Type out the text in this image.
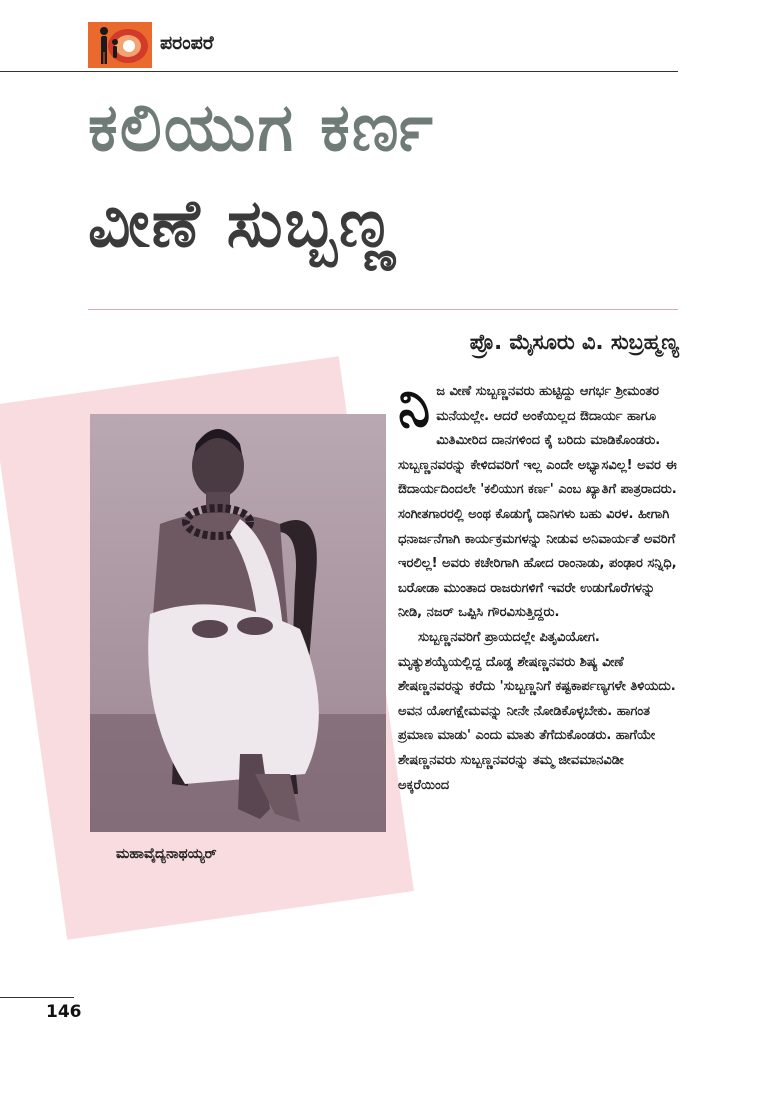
ಪರಂಪರೆ
ಕಲಿಯುಗ ಕರ್ಣ
ವೀಣೆ ಸುಬ್ಬಣ್ಣ
ಪ್ರೊ. ಮೈಸೂರು ವಿ. ಸುಬ್ರಹ್ಮಣ್ಯ
ಮಹಾವೈದ್ಯನಾಥಯ್ಯರ್

ನಿಜ ವೀಣೆ ಸುಬ್ಬಣ್ಣನವರು ಹುಟ್ಟಿದ್ದು ಆಗರ್ಭ ಶ್ರೀಮಂತರ ಮನೆಯಲ್ಲೇ. ಆದರೆ ಅಂಕೆಯಿಲ್ಲದ ಔದಾರ್ಯ ಹಾಗೂ ಮಿತಿಮೀರಿದ ದಾನಗಳಿಂದ ಕೈ ಬರಿದು ಮಾಡಿಕೊಂಡರು. ಸುಬ್ಬಣ್ಣನವರನ್ನು ಕೇಳಿದವರಿಗೆ ಇಲ್ಲ ಎಂದೇ ಅಭ್ಯಾಸವಿಲ್ಲ! ಅವರ ಈ ಔದಾರ್ಯದಿಂದಲೇ 'ಕಲಿಯುಗ ಕರ್ಣ' ಎಂಬ ಖ್ಯಾತಿಗೆ ಪಾತ್ರರಾದರು. ಸಂಗೀತಗಾರರಲ್ಲಿ ಅಂಥ ಕೊಡುಗೈ ದಾನಿಗಳು ಬಹು ವಿರಳ. ಹೀಗಾಗಿ ಧನಾರ್ಜನೆಗಾಗಿ ಕಾರ್ಯಕ್ರಮಗಳನ್ನು ನೀಡುವ ಅನಿವಾರ್ಯತೆ ಅವರಿಗೆ ಇರಲಿಲ್ಲ! ಅವರು ಕಚೇರಿಗಾಗಿ ಹೋದ ರಾಂನಾಡು, ಪಂಢಾರ ಸನ್ನಿಧಿ, ಬರೋಡಾ ಮುಂತಾದ ರಾಜರುಗಳಿಗೆ ಇವರೇ ಉಡುಗೊರೆಗಳನ್ನು ನೀಡಿ, ನಜರ್ ಒಪ್ಪಿಸಿ ಗೌರವಿಸುತ್ತಿದ್ದರು.

ಸುಬ್ಬಣ್ಣನವರಿಗೆ ಪ್ರಾಯದಲ್ಲೇ ಪಿತೃವಿಯೋಗ. ಮೃತ್ಯುಶಯ್ಯೆಯಲ್ಲಿದ್ದ ದೊಡ್ಡ ಶೇಷಣ್ಣನವರು ಶಿಷ್ಯ ವೀಣೆ ಶೇಷಣ್ಣನವರನ್ನು ಕರೆದು 'ಸುಬ್ಬಣ್ಣನಿಗೆ ಕಷ್ಟಕಾರ್ಪಣ್ಯಗಳೇ ತಿಳಿಯದು. ಅವನ ಯೋಗಕ್ಷೇಮವನ್ನು ನೀನೇ ನೋಡಿಕೊಳ್ಳಬೇಕು. ಹಾಗಂತ ಪ್ರಮಾಣ ಮಾಡು' ಎಂದು ಮಾತು ತೆಗೆದುಕೊಂಡರು. ಹಾಗೆಯೇ ಶೇಷಣ್ಣನವರು ಸುಬ್ಬಣ್ಣನವರನ್ನು ತಮ್ಮ ಜೀವಮಾನವಿಡೀ ಅಕ್ಕರೆಯಿಂದ

146
